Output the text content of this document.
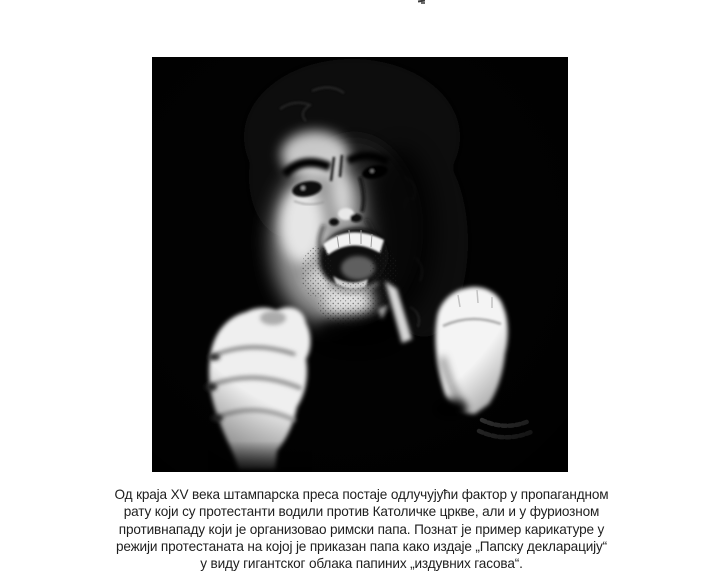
Од краја XV века штампарска преса постаје одлучујући фактор у пропагандном

рату који су протестанти водили против Католичке цркве, али и у фуриозном

противнападу који је организовао римски папа. Познат је пример карикатуре у

режији протестаната на којој је приказан папа како издаје „Папску декларацију“

у виду гигантског облака папиних „издувних гасова“.
